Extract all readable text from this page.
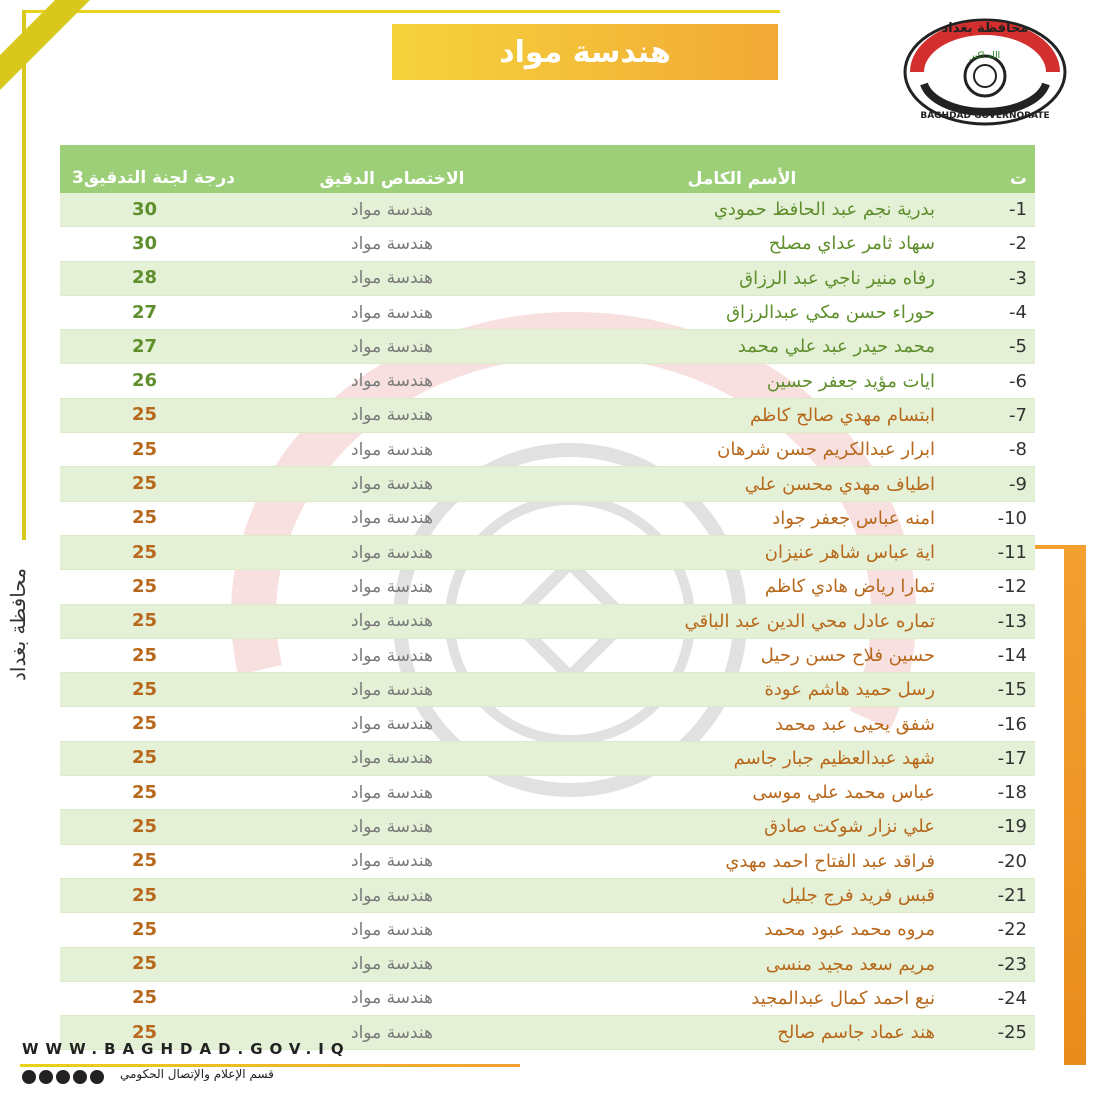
هندسة مواد
محافظة بغداد
الله اكبر
BAGHDAD GOVERNORATE
محافظة بغداد
ت
الأسم الكامل
الاختصاص الدقيق
درجة لجنة التدقيق3
1-
بدرية نجم عبد الحافظ حمودي
هندسة مواد
30
2-
سهاد ثامر عداي مصلح
هندسة مواد
30
3-
رفاه منير ناجي عبد الرزاق
هندسة مواد
28
4-
حوراء حسن مكي عبدالرزاق
هندسة مواد
27
5-
محمد حيدر عبد علي محمد
هندسة مواد
27
6-
ايات مؤيد جعفر حسين
هندسة مواد
26
7-
ابتسام مهدي صالح كاظم
هندسة مواد
25
8-
ابرار عبدالكريم حسن شرهان
هندسة مواد
25
9-
اطياف مهدي محسن علي
هندسة مواد
25
10-
امنه عباس جعفر جواد
هندسة مواد
25
11-
اية عباس شاهر عنيزان
هندسة مواد
25
12-
تمارا رياض هادي كاظم
هندسة مواد
25
13-
تماره عادل محي الدين عبد الباقي
هندسة مواد
25
14-
حسين فلاح حسن رحيل
هندسة مواد
25
15-
رسل حميد هاشم عودة
هندسة مواد
25
16-
شفق يحيى عبد محمد
هندسة مواد
25
17-
شهد عبدالعظيم جبار جاسم
هندسة مواد
25
18-
عباس محمد علي موسى
هندسة مواد
25
19-
علي نزار شوكت صادق
هندسة مواد
25
20-
فراقد عبد الفتاح احمد مهدي
هندسة مواد
25
21-
قبس فريد فرج جليل
هندسة مواد
25
22-
مروه محمد عبود محمد
هندسة مواد
25
23-
مريم سعد مجيد منسى
هندسة مواد
25
24-
نبع احمد كمال عبدالمجيد
هندسة مواد
25
25-
هند عماد جاسم صالح
هندسة مواد
25
WWW.BAGHDAD.GOV.IQ
قسم الإعلام والإتصال الحكومي
